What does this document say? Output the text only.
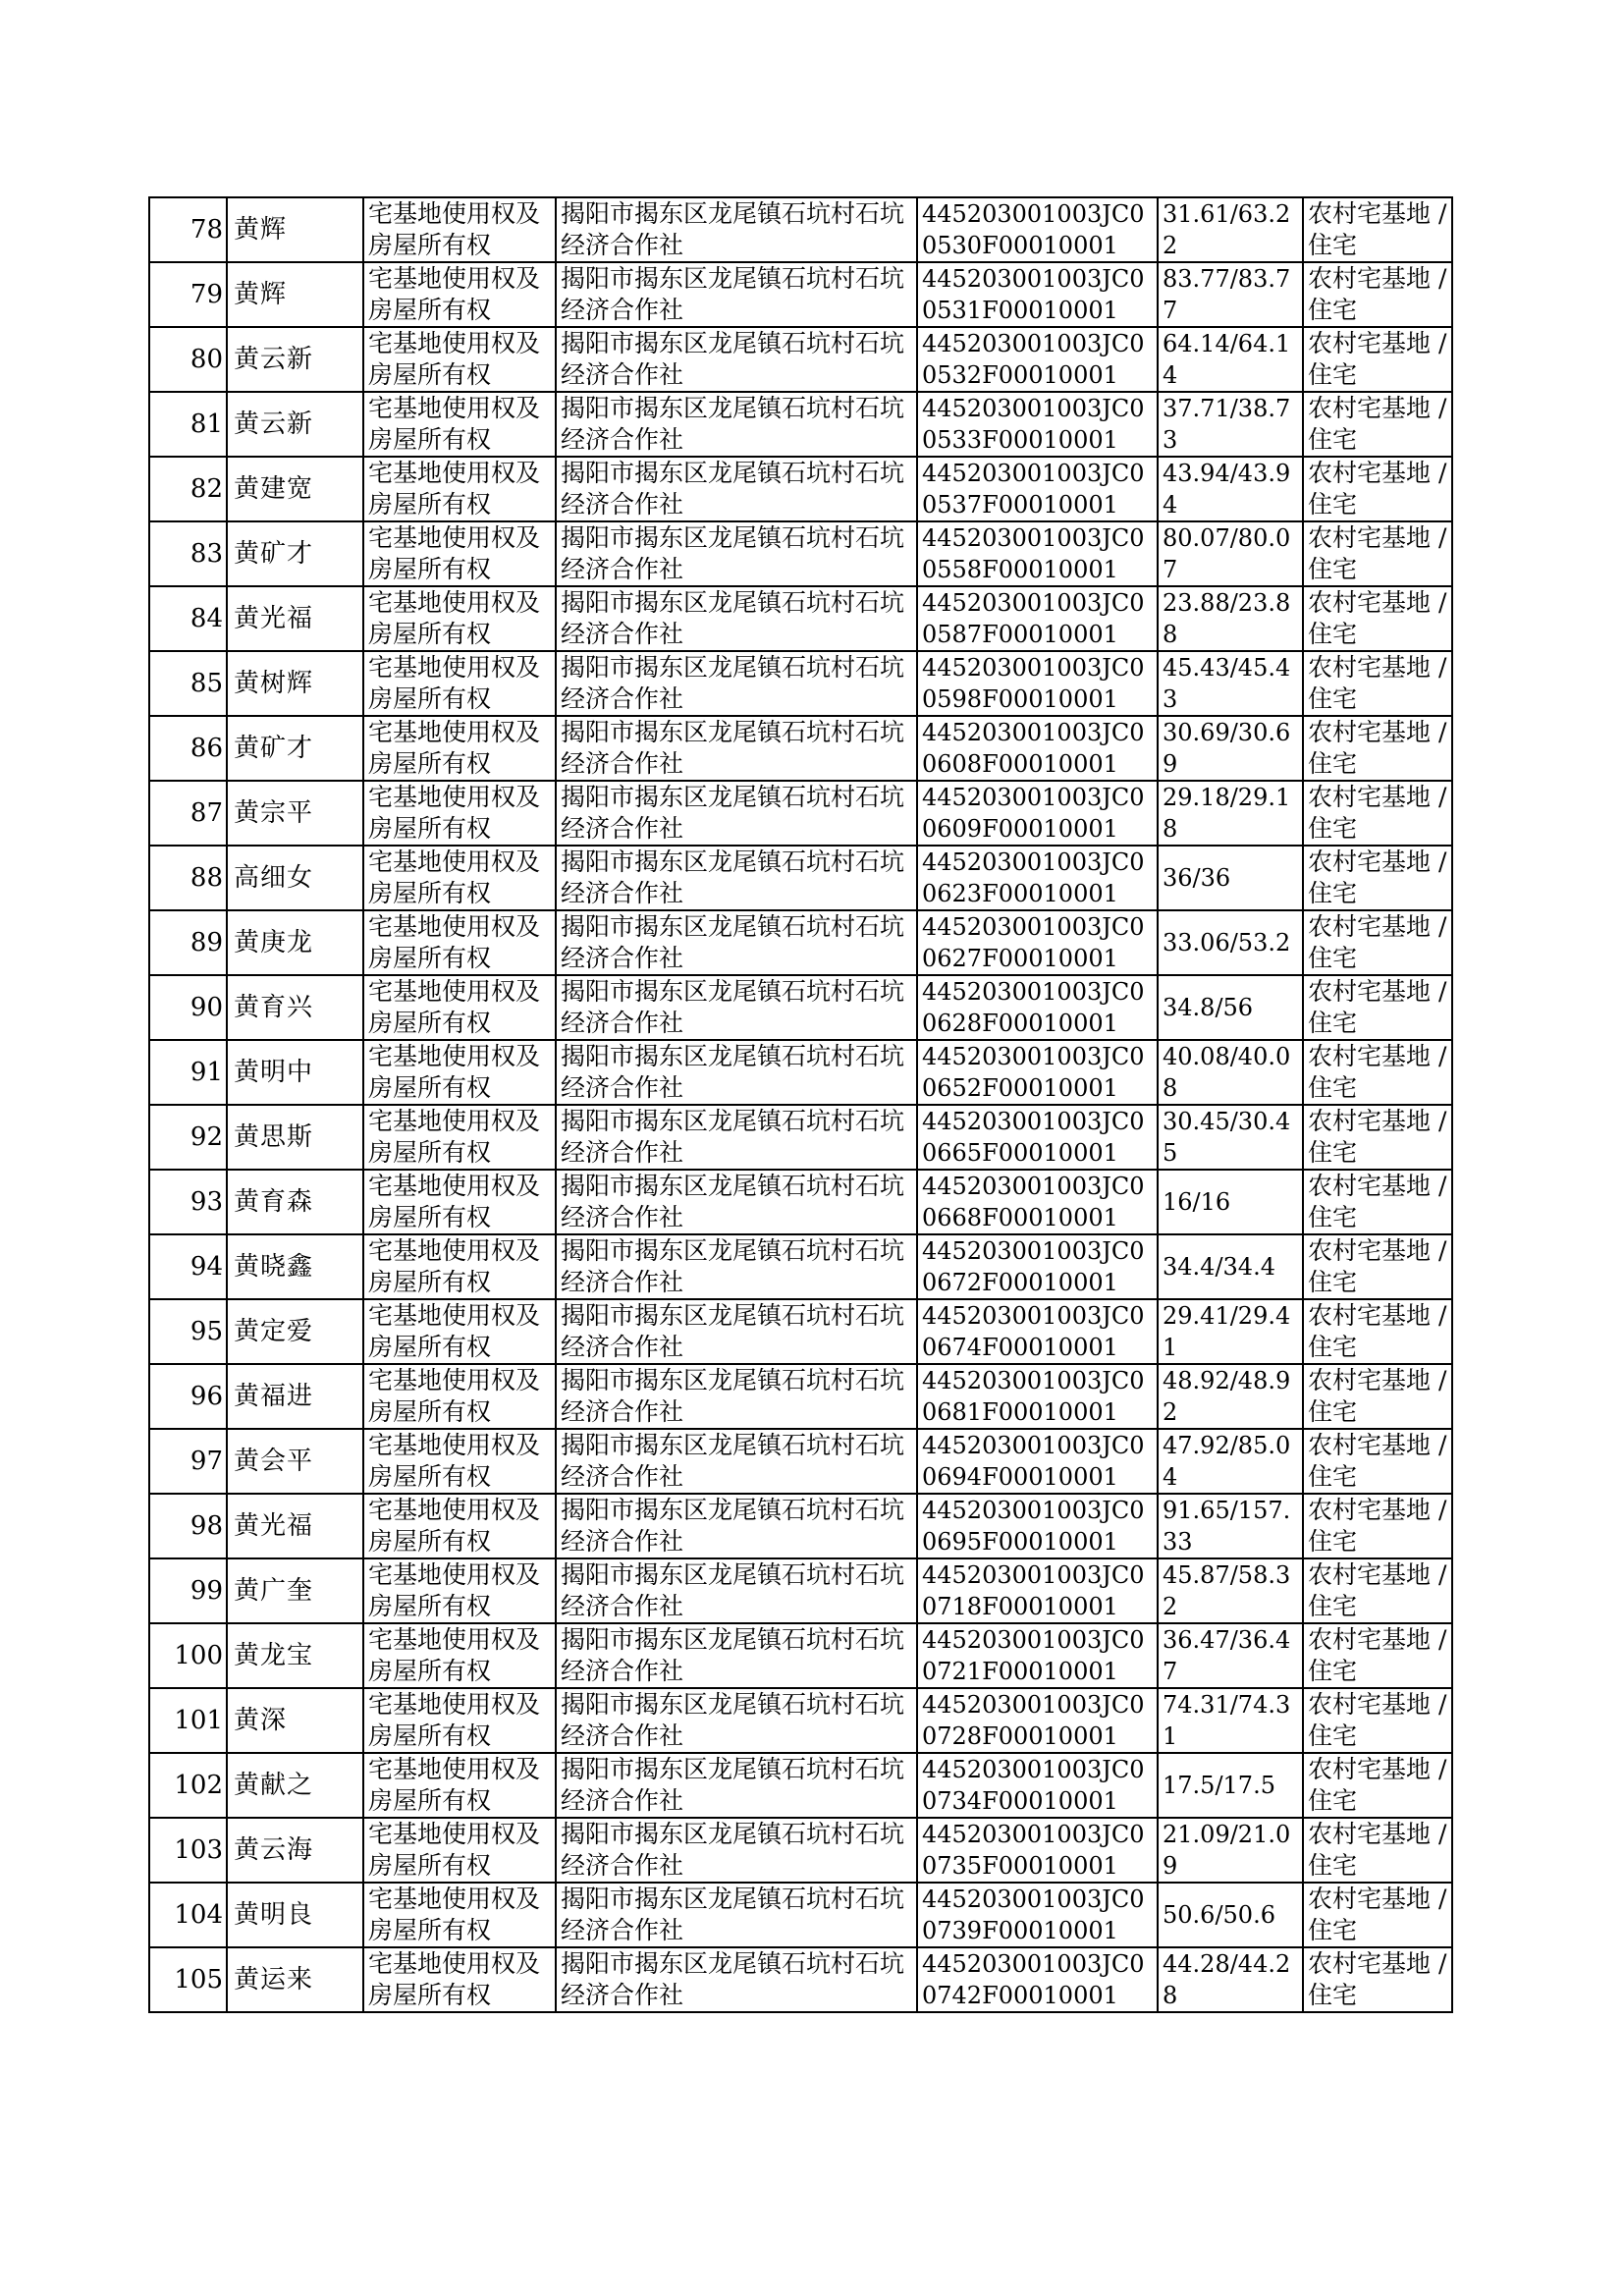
78	黄辉	宅基地使用权及房屋所有权	揭阳市揭东区龙尾镇石坑村石坑经济合作社	445203001003JC00530F00010001	31.61/63.22	农村宅基地 / 住宅
79	黄辉	宅基地使用权及房屋所有权	揭阳市揭东区龙尾镇石坑村石坑经济合作社	445203001003JC00531F00010001	83.77/83.77	农村宅基地 / 住宅
80	黄云新	宅基地使用权及房屋所有权	揭阳市揭东区龙尾镇石坑村石坑经济合作社	445203001003JC00532F00010001	64.14/64.14	农村宅基地 / 住宅
81	黄云新	宅基地使用权及房屋所有权	揭阳市揭东区龙尾镇石坑村石坑经济合作社	445203001003JC00533F00010001	37.71/38.73	农村宅基地 / 住宅
82	黄建宽	宅基地使用权及房屋所有权	揭阳市揭东区龙尾镇石坑村石坑经济合作社	445203001003JC00537F00010001	43.94/43.94	农村宅基地 / 住宅
83	黄矿才	宅基地使用权及房屋所有权	揭阳市揭东区龙尾镇石坑村石坑经济合作社	445203001003JC00558F00010001	80.07/80.07	农村宅基地 / 住宅
84	黄光福	宅基地使用权及房屋所有权	揭阳市揭东区龙尾镇石坑村石坑经济合作社	445203001003JC00587F00010001	23.88/23.88	农村宅基地 / 住宅
85	黄树辉	宅基地使用权及房屋所有权	揭阳市揭东区龙尾镇石坑村石坑经济合作社	445203001003JC00598F00010001	45.43/45.43	农村宅基地 / 住宅
86	黄矿才	宅基地使用权及房屋所有权	揭阳市揭东区龙尾镇石坑村石坑经济合作社	445203001003JC00608F00010001	30.69/30.69	农村宅基地 / 住宅
87	黄宗平	宅基地使用权及房屋所有权	揭阳市揭东区龙尾镇石坑村石坑经济合作社	445203001003JC00609F00010001	29.18/29.18	农村宅基地 / 住宅
88	高细女	宅基地使用权及房屋所有权	揭阳市揭东区龙尾镇石坑村石坑经济合作社	445203001003JC00623F00010001	36/36	农村宅基地 / 住宅
89	黄庚龙	宅基地使用权及房屋所有权	揭阳市揭东区龙尾镇石坑村石坑经济合作社	445203001003JC00627F00010001	33.06/53.2	农村宅基地 / 住宅
90	黄育兴	宅基地使用权及房屋所有权	揭阳市揭东区龙尾镇石坑村石坑经济合作社	445203001003JC00628F00010001	34.8/56	农村宅基地 / 住宅
91	黄明中	宅基地使用权及房屋所有权	揭阳市揭东区龙尾镇石坑村石坑经济合作社	445203001003JC00652F00010001	40.08/40.08	农村宅基地 / 住宅
92	黄思斯	宅基地使用权及房屋所有权	揭阳市揭东区龙尾镇石坑村石坑经济合作社	445203001003JC00665F00010001	30.45/30.45	农村宅基地 / 住宅
93	黄育森	宅基地使用权及房屋所有权	揭阳市揭东区龙尾镇石坑村石坑经济合作社	445203001003JC00668F00010001	16/16	农村宅基地 / 住宅
94	黄晓鑫	宅基地使用权及房屋所有权	揭阳市揭东区龙尾镇石坑村石坑经济合作社	445203001003JC00672F00010001	34.4/34.4	农村宅基地 / 住宅
95	黄定爱	宅基地使用权及房屋所有权	揭阳市揭东区龙尾镇石坑村石坑经济合作社	445203001003JC00674F00010001	29.41/29.41	农村宅基地 / 住宅
96	黄福进	宅基地使用权及房屋所有权	揭阳市揭东区龙尾镇石坑村石坑经济合作社	445203001003JC00681F00010001	48.92/48.92	农村宅基地 / 住宅
97	黄会平	宅基地使用权及房屋所有权	揭阳市揭东区龙尾镇石坑村石坑经济合作社	445203001003JC00694F00010001	47.92/85.04	农村宅基地 / 住宅
98	黄光福	宅基地使用权及房屋所有权	揭阳市揭东区龙尾镇石坑村石坑经济合作社	445203001003JC00695F00010001	91.65/157.33	农村宅基地 / 住宅
99	黄广奎	宅基地使用权及房屋所有权	揭阳市揭东区龙尾镇石坑村石坑经济合作社	445203001003JC00718F00010001	45.87/58.32	农村宅基地 / 住宅
100	黄龙宝	宅基地使用权及房屋所有权	揭阳市揭东区龙尾镇石坑村石坑经济合作社	445203001003JC00721F00010001	36.47/36.47	农村宅基地 / 住宅
101	黄深	宅基地使用权及房屋所有权	揭阳市揭东区龙尾镇石坑村石坑经济合作社	445203001003JC00728F00010001	74.31/74.31	农村宅基地 / 住宅
102	黄献之	宅基地使用权及房屋所有权	揭阳市揭东区龙尾镇石坑村石坑经济合作社	445203001003JC00734F00010001	17.5/17.5	农村宅基地 / 住宅
103	黄云海	宅基地使用权及房屋所有权	揭阳市揭东区龙尾镇石坑村石坑经济合作社	445203001003JC00735F00010001	21.09/21.09	农村宅基地 / 住宅
104	黄明良	宅基地使用权及房屋所有权	揭阳市揭东区龙尾镇石坑村石坑经济合作社	445203001003JC00739F00010001	50.6/50.6	农村宅基地 / 住宅
105	黄运来	宅基地使用权及房屋所有权	揭阳市揭东区龙尾镇石坑村石坑经济合作社	445203001003JC00742F00010001	44.28/44.28	农村宅基地 / 住宅
